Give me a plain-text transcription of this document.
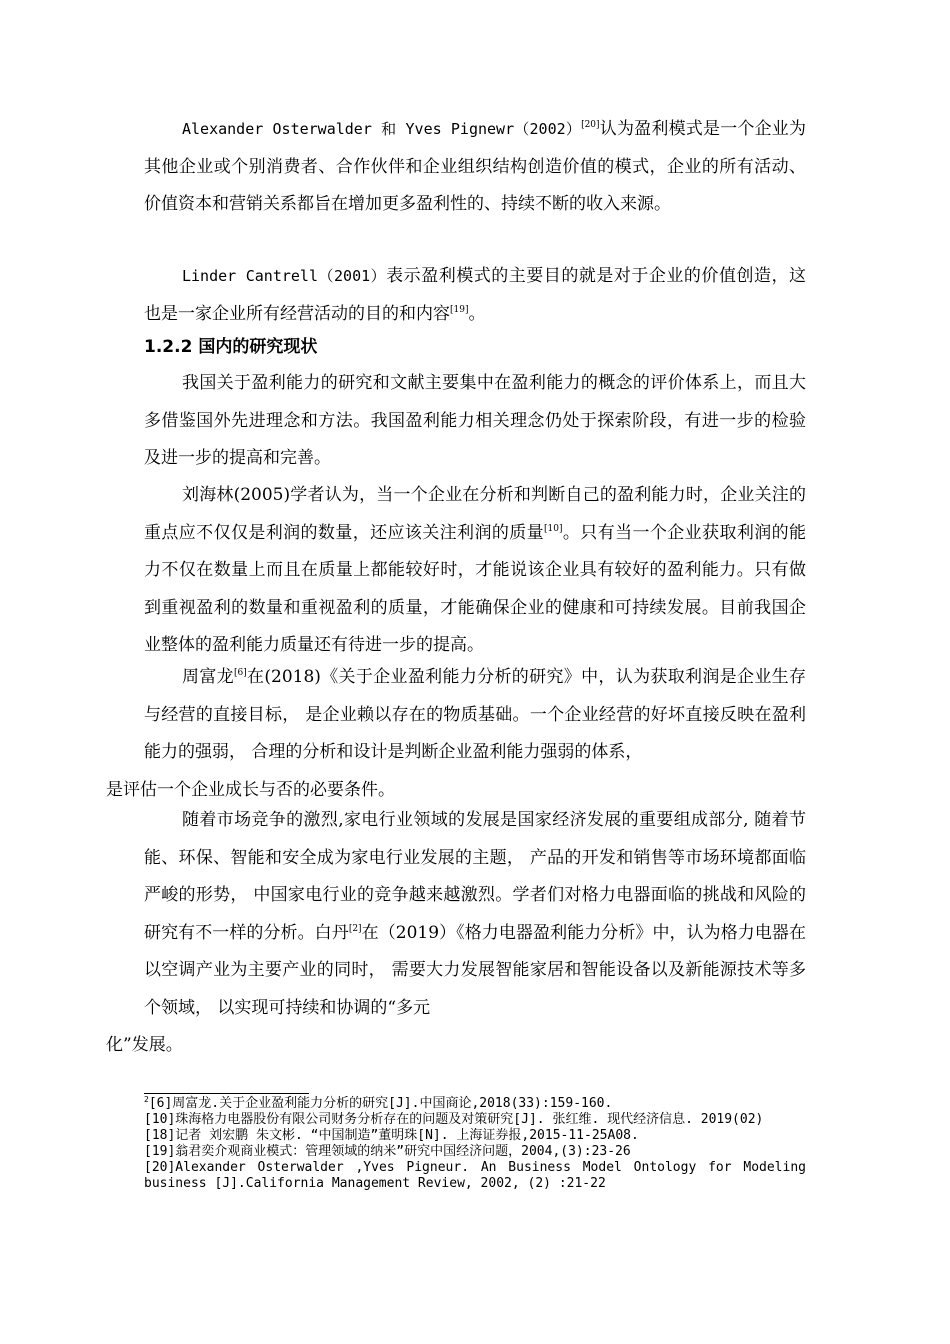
Alexander Osterwalder 和 Yves Pignewr（2002）[20]认为盈利模式是一个企业为其他企业或个别消费者、合作伙伴和企业组织结构创造价值的模式，企业的所有活动、价值资本和营销关系都旨在增加更多盈利性的、持续不断的收入来源。

Linder Cantrell（2001）表示盈利模式的主要目的就是对于企业的价值创造，这也是一家企业所有经营活动的目的和内容[19]。

1.2.2 国内的研究现状

我国关于盈利能力的研究和文献主要集中在盈利能力的概念的评价体系上，而且大多借鉴国外先进理念和方法。我国盈利能力相关理念仍处于探索阶段，有进一步的检验及进一步的提高和完善。

刘海林(2005)学者认为，当一个企业在分析和判断自己的盈利能力时，企业关注的重点应不仅仅是利润的数量，还应该关注利润的质量[10]。只有当一个企业获取利润的能力不仅在数量上而且在质量上都能较好时，才能说该企业具有较好的盈利能力。只有做到重视盈利的数量和重视盈利的质量，才能确保企业的健康和可持续发展。目前我国企业整体的盈利能力质量还有待进一步的提高。

周富龙[6]在(2018)《关于企业盈利能力分析的研究》中，认为获取利润是企业生存与经营的直接目标， 是企业赖以存在的物质基础。一个企业经营的好坏直接反映在盈利能力的强弱， 合理的分析和设计是判断企业盈利能力强弱的体系，
是评估一个企业成长与否的必要条件。

随着市场竞争的激烈,家电行业领域的发展是国家经济发展的重要组成部分, 随着节能、环保、智能和安全成为家电行业发展的主题， 产品的开发和销售等市场环境都面临严峻的形势， 中国家电行业的竞争越来越激烈。学者们对格力电器面临的挑战和风险的研究有不一样的分析。白丹[2]在（2019）《格力电器盈利能力分析》中，认为格力电器在以空调产业为主要产业的同时， 需要大力发展智能家居和智能设备以及新能源技术等多个领域， 以实现可持续和协调的“多元
化”发展。

$^2$[6]周富龙.关于企业盈利能力分析的研究[J].中国商论,2018(33):159-160.

[10]珠海格力电器股份有限公司财务分析存在的问题及对策研究[J]. 张红维. 现代经济信息. 2019(02)

[18]记者 刘宏鹏 朱文彬. “中国制造”董明珠[N]. 上海证券报,2015-11-25A08.

[19]翁君奕介观商业模式：管理领域的纳米”研究中国经济问题，2004,(3):23-26

[20]Alexander Osterwalder ,Yves Pigneur. An Business Model Ontology for Modeling business [J].California Management Review, 2002, (2) :21-22
